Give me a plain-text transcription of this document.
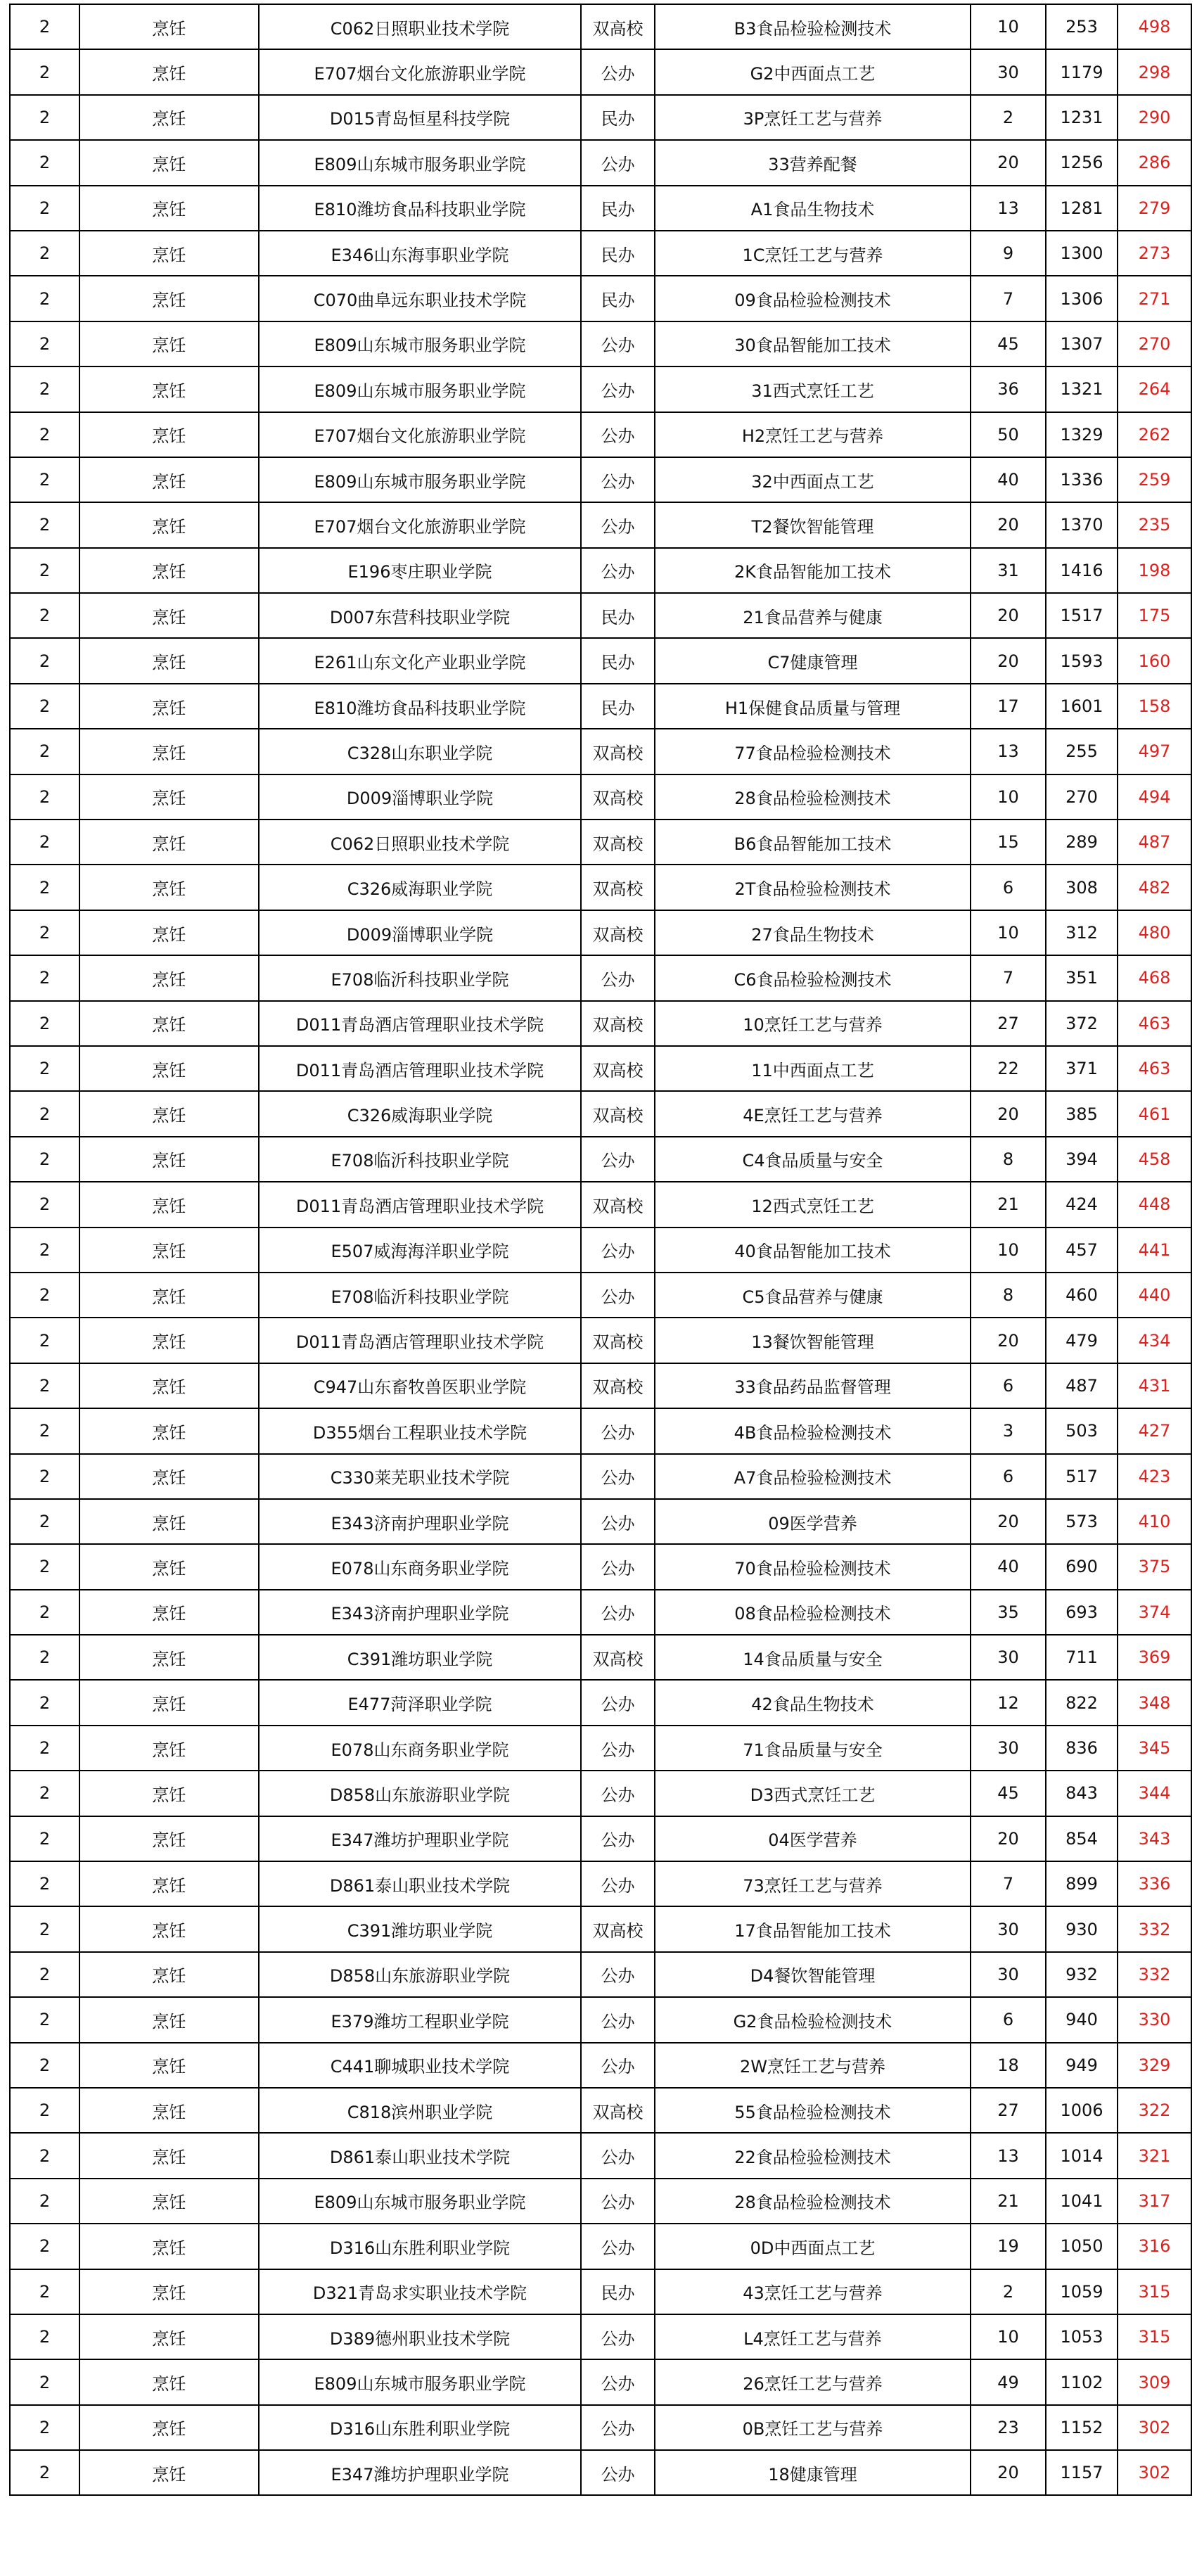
2	烹饪	C062日照职业技术学院	双高校	B3食品检验检测技术	10	253	498
2	烹饪	E707烟台文化旅游职业学院	公办	G2中西面点工艺	30	1179	298
2	烹饪	D015青岛恒星科技学院	民办	3P烹饪工艺与营养	2	1231	290
2	烹饪	E809山东城市服务职业学院	公办	33营养配餐	20	1256	286
2	烹饪	E810潍坊食品科技职业学院	民办	A1食品生物技术	13	1281	279
2	烹饪	E346山东海事职业学院	民办	1C烹饪工艺与营养	9	1300	273
2	烹饪	C070曲阜远东职业技术学院	民办	09食品检验检测技术	7	1306	271
2	烹饪	E809山东城市服务职业学院	公办	30食品智能加工技术	45	1307	270
2	烹饪	E809山东城市服务职业学院	公办	31西式烹饪工艺	36	1321	264
2	烹饪	E707烟台文化旅游职业学院	公办	H2烹饪工艺与营养	50	1329	262
2	烹饪	E809山东城市服务职业学院	公办	32中西面点工艺	40	1336	259
2	烹饪	E707烟台文化旅游职业学院	公办	T2餐饮智能管理	20	1370	235
2	烹饪	E196枣庄职业学院	公办	2K食品智能加工技术	31	1416	198
2	烹饪	D007东营科技职业学院	民办	21食品营养与健康	20	1517	175
2	烹饪	E261山东文化产业职业学院	民办	C7健康管理	20	1593	160
2	烹饪	E810潍坊食品科技职业学院	民办	H1保健食品质量与管理	17	1601	158
2	烹饪	C328山东职业学院	双高校	77食品检验检测技术	13	255	497
2	烹饪	D009淄博职业学院	双高校	28食品检验检测技术	10	270	494
2	烹饪	C062日照职业技术学院	双高校	B6食品智能加工技术	15	289	487
2	烹饪	C326威海职业学院	双高校	2T食品检验检测技术	6	308	482
2	烹饪	D009淄博职业学院	双高校	27食品生物技术	10	312	480
2	烹饪	E708临沂科技职业学院	公办	C6食品检验检测技术	7	351	468
2	烹饪	D011青岛酒店管理职业技术学院	双高校	10烹饪工艺与营养	27	372	463
2	烹饪	D011青岛酒店管理职业技术学院	双高校	11中西面点工艺	22	371	463
2	烹饪	C326威海职业学院	双高校	4E烹饪工艺与营养	20	385	461
2	烹饪	E708临沂科技职业学院	公办	C4食品质量与安全	8	394	458
2	烹饪	D011青岛酒店管理职业技术学院	双高校	12西式烹饪工艺	21	424	448
2	烹饪	E507威海海洋职业学院	公办	40食品智能加工技术	10	457	441
2	烹饪	E708临沂科技职业学院	公办	C5食品营养与健康	8	460	440
2	烹饪	D011青岛酒店管理职业技术学院	双高校	13餐饮智能管理	20	479	434
2	烹饪	C947山东畜牧兽医职业学院	双高校	33食品药品监督管理	6	487	431
2	烹饪	D355烟台工程职业技术学院	公办	4B食品检验检测技术	3	503	427
2	烹饪	C330莱芜职业技术学院	公办	A7食品检验检测技术	6	517	423
2	烹饪	E343济南护理职业学院	公办	09医学营养	20	573	410
2	烹饪	E078山东商务职业学院	公办	70食品检验检测技术	40	690	375
2	烹饪	E343济南护理职业学院	公办	08食品检验检测技术	35	693	374
2	烹饪	C391潍坊职业学院	双高校	14食品质量与安全	30	711	369
2	烹饪	E477菏泽职业学院	公办	42食品生物技术	12	822	348
2	烹饪	E078山东商务职业学院	公办	71食品质量与安全	30	836	345
2	烹饪	D858山东旅游职业学院	公办	D3西式烹饪工艺	45	843	344
2	烹饪	E347潍坊护理职业学院	公办	04医学营养	20	854	343
2	烹饪	D861泰山职业技术学院	公办	73烹饪工艺与营养	7	899	336
2	烹饪	C391潍坊职业学院	双高校	17食品智能加工技术	30	930	332
2	烹饪	D858山东旅游职业学院	公办	D4餐饮智能管理	30	932	332
2	烹饪	E379潍坊工程职业学院	公办	G2食品检验检测技术	6	940	330
2	烹饪	C441聊城职业技术学院	公办	2W烹饪工艺与营养	18	949	329
2	烹饪	C818滨州职业学院	双高校	55食品检验检测技术	27	1006	322
2	烹饪	D861泰山职业技术学院	公办	22食品检验检测技术	13	1014	321
2	烹饪	E809山东城市服务职业学院	公办	28食品检验检测技术	21	1041	317
2	烹饪	D316山东胜利职业学院	公办	0D中西面点工艺	19	1050	316
2	烹饪	D321青岛求实职业技术学院	民办	43烹饪工艺与营养	2	1059	315
2	烹饪	D389德州职业技术学院	公办	L4烹饪工艺与营养	10	1053	315
2	烹饪	E809山东城市服务职业学院	公办	26烹饪工艺与营养	49	1102	309
2	烹饪	D316山东胜利职业学院	公办	0B烹饪工艺与营养	23	1152	302
2	烹饪	E347潍坊护理职业学院	公办	18健康管理	20	1157	302
